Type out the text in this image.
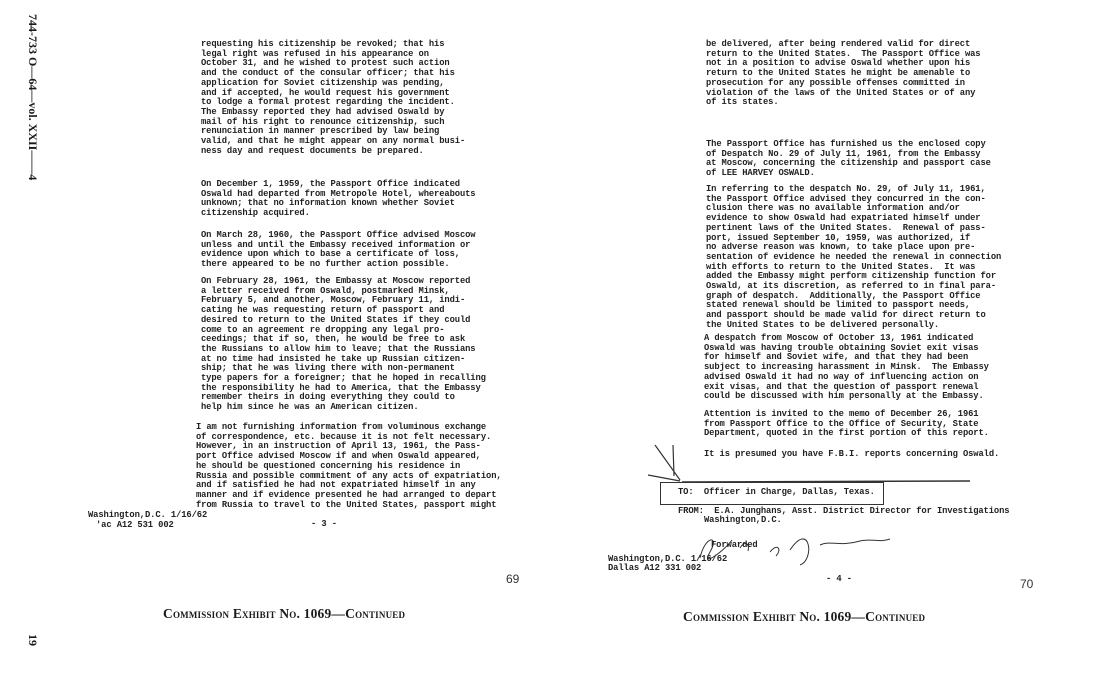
744-733 O—64—vol. XXII——4
19
requesting his citizenship be revoked; that his
legal right was refused in his appearance on
October 31, and he wished to protest such action
and the conduct of the consular officer; that his
application for Soviet citizenship was pending,
and if accepted, he would request his government
to lodge a formal protest regarding the incident.
The Embassy reported they had advised Oswald by
mail of his right to renounce citizenship, such
renunciation in manner prescribed by law being
valid, and that he might appear on any normal busi-
ness day and request documents be prepared.
On December 1, 1959, the Passport Office indicated
Oswald had departed from Metropole Hotel, whereabouts
unknown; that no information known whether Soviet
citizenship acquired.
On March 28, 1960, the Passport Office advised Moscow
unless and until the Embassy received information or
evidence upon which to base a certificate of loss,
there appeared to be no further action possible.
On February 28, 1961, the Embassy at Moscow reported
a letter received from Oswald, postmarked Minsk,
February 5, and another, Moscow, February 11, indi-
cating he was requesting return of passport and
desired to return to the United States if they could
come to an agreement re dropping any legal pro-
ceedings; that if so, then, he would be free to ask
the Russians to allow him to leave; that the Russians
at no time had insisted he take up Russian citizen-
ship; that he was living there with non-permanent
type papers for a foreigner; that he hoped in recalling
the responsibility he had to America, that the Embassy
remember theirs in doing everything they could to
help him since he was an American citizen.
I am not furnishing information from voluminous exchange
of correspondence, etc. because it is not felt necessary.
However, in an instruction of April 13, 1961, the Pass-
port Office advised Moscow if and when Oswald appeared,
he should be questioned concerning his residence in
Russia and possible commitment of any acts of expatriation,
and if satisfied he had not expatriated himself in any
manner and if evidence presented he had arranged to depart
from Russia to travel to the United States, passport might
Washington,D.C. 1/16/62
'ac A12 531 002	- 3 -
69
Commission Exhibit No. 1069—Continued
be delivered, after being rendered valid for direct
return to the United States.  The Passport Office was
not in a position to advise Oswald whether upon his
return to the United States he might be amenable to
prosecution for any possible offenses committed in
violation of the laws of the United States or of any
of its states.
The Passport Office has furnished us the enclosed copy
of Despatch No. 29 of July 11, 1961, from the Embassy
at Moscow, concerning the citizenship and passport case
of LEE HARVEY OSWALD.
In referring to the despatch No. 29, of July 11, 1961,
the Passport Office advised they concurred in the con-
clusion there was no available information and/or
evidence to show Oswald had expatriated himself under
pertinent laws of the United States.  Renewal of pass-
port, issued September 10, 1959, was authorized, if
no adverse reason was known, to take place upon pre-
sentation of evidence he needed the renewal in connection
with efforts to return to the United States.  It was
added the Embassy might perform citizenship function for
Oswald, at its discretion, as referred to in final para-
graph of despatch.  Additionally, the Passport Office
stated renewal should be limited to passport needs,
and passport should be made valid for direct return to
the United States to be delivered personally.
A despatch from Moscow of October 13, 1961 indicated
Oswald was having trouble obtaining Soviet exit visas
for himself and Soviet wife, and that they had been
subject to increasing harassment in Minsk.  The Embassy
advised Oswald it had no way of influencing action on
exit visas, and that the question of passport renewal
could be discussed with him personally at the Embassy.
Attention is invited to the memo of December 26, 1961
from Passport Office to the Office of Security, State
Department, quoted in the first portion of this report.
It is presumed you have F.B.I. reports concerning Oswald.
TO:  Officer in Charge, Dallas, Texas.
FROM:  E.A. Junghans, Asst. District Director for Investigations
Washington,D.C.
Forwarded
Washington,D.C. 1/16/62
Dallas A12 331 002
- 4 -	70
Commission Exhibit No. 1069—Continued
